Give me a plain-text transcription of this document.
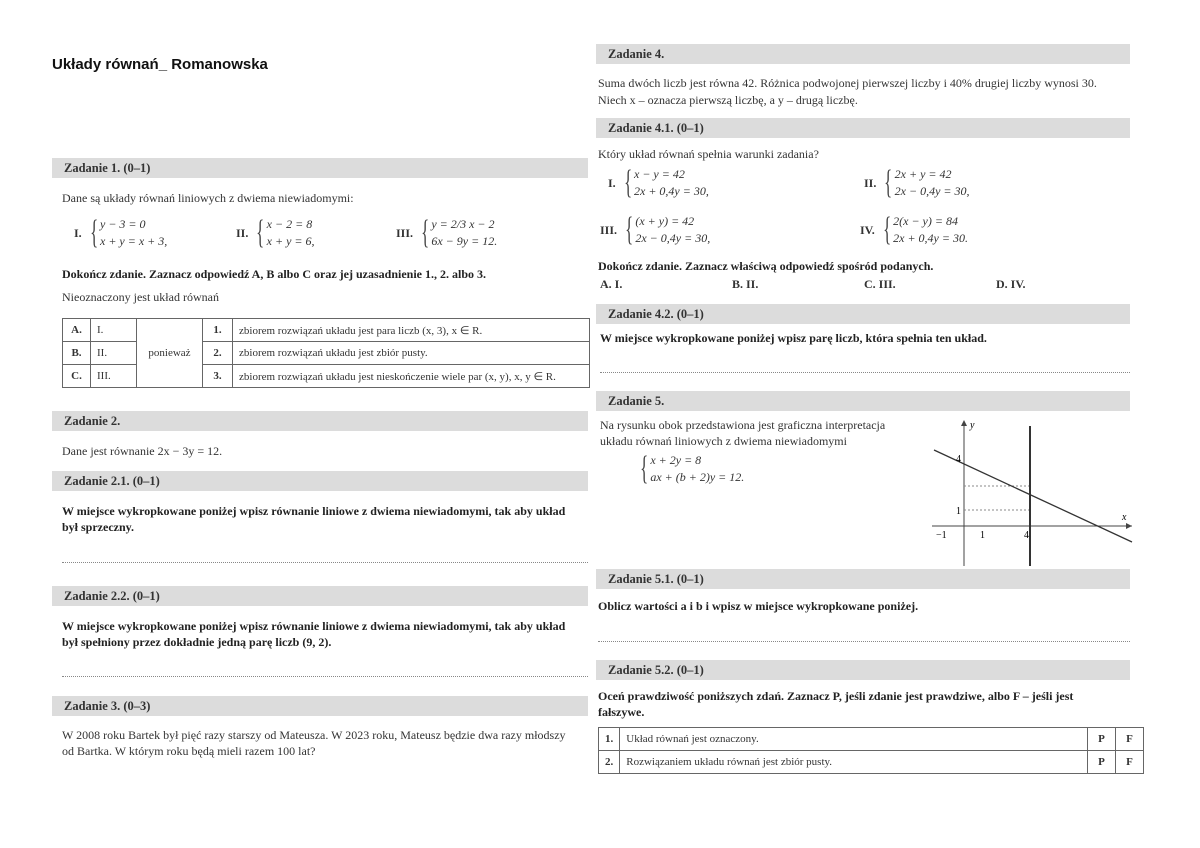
Układy równań_ Romanowska
Zadanie 1. (0–1)
Dane są układy równań liniowych z dwiema niewiadomymi:
I. { y − 3 = 0
x + y = x + 3,
II. { x − 2 = 8
x + y = 6,
III. { y = 2/3 x − 2
6x − 9y = 12.
Dokończ zdanie. Zaznacz odpowiedź A, B albo C oraz jej uzasadnienie 1., 2. albo 3.
Nieoznaczony jest układ równań
A.	I.	ponieważ	1.	zbiorem rozwiązań układu jest para liczb (x, 3), x ∈ R.
B.	II.		2.	zbiorem rozwiązań układu jest zbiór pusty.
C.	III.		3.	zbiorem rozwiązań układu jest nieskończenie wiele par (x, y), x, y ∈ R.
Zadanie 2.
Dane jest równanie 2x − 3y = 12.
Zadanie 2.1. (0–1)
W miejsce wykropkowane poniżej wpisz równanie liniowe z dwiema niewiadomymi, tak aby układ
był sprzeczny.
Zadanie 2.2. (0–1)
W miejsce wykropkowane poniżej wpisz równanie liniowe z dwiema niewiadomymi, tak aby układ
był spełniony przez dokładnie jedną parę liczb (9, 2).
Zadanie 3. (0–3)
W 2008 roku Bartek był pięć razy starszy od Mateusza. W 2023 roku, Mateusz będzie dwa razy młodszy
od Bartka. W którym roku będą mieli razem 100 lat?
Zadanie 4.
Suma dwóch liczb jest równa 42. Różnica podwojonej pierwszej liczby i 40% drugiej liczby wynosi 30.
Niech x – oznacza pierwszą liczbę, a y – drugą liczbę.
Zadanie 4.1. (0–1)
Który układ równań spełnia warunki zadania?
I. { x − y = 42
2x + 0,4y = 30,
II. { 2x + y = 42
2x − 0,4y = 30,
III. { (x + y) = 42
2x − 0,4y = 30,
IV. { 2(x − y) = 84
2x + 0,4y = 30.
Dokończ zdanie. Zaznacz właściwą odpowiedź spośród podanych.
A. I.	B. II.	C. III.	D. IV.
Zadanie 4.2. (0–1)
W miejsce wykropkowane poniżej wpisz parę liczb, która spełnia ten układ.
Zadanie 5.
Na rysunku obok przedstawiona jest graficzna interpretacja
układu równań liniowych z dwiema niewiadomymi
{ x + 2y = 8
ax + (b + 2)y = 12.
y
x
4
1
−1	1	4
Zadanie 5.1. (0–1)
Oblicz wartości a i b i wpisz w miejsce wykropkowane poniżej.
Zadanie 5.2. (0–1)
Oceń prawdziwość poniższych zdań. Zaznacz P, jeśli zdanie jest prawdziwe, albo F – jeśli jest
fałszywe.
1.	Układ równań jest oznaczony.	P	F
2.	Rozwiązaniem układu równań jest zbiór pusty.	P	F
